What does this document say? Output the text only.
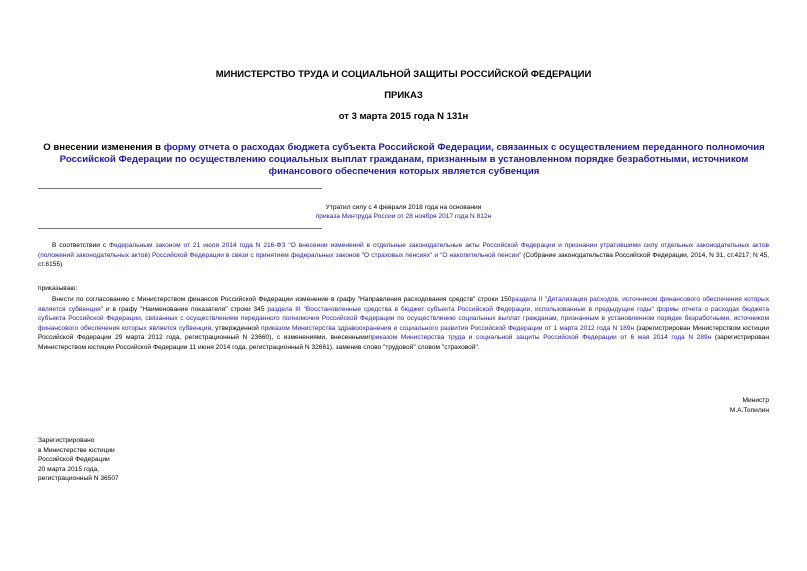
МИНИСТЕРСТВО ТРУДА И СОЦИАЛЬНОЙ ЗАЩИТЫ РОССИЙСКОЙ ФЕДЕРАЦИИ
ПРИКАЗ
от 3 марта 2015 года N 131н
О внесении изменения в форму отчета о расходах бюджета субъекта Российской Федерации, связанных с осуществлением переданного полномочия Российской Федерации по осуществлению социальных выплат гражданам, признанным в установленном порядке безработными, источником финансового обеспечения которых является субвенция
Утратил силу с 4 февраля 2018 года на основании
приказа Минтруда России от 28 ноября 2017 года N 812н
В соответствии с Федеральным законом от 21 июля 2014 года N 216-ФЗ "О внесении изменений в отдельные законодательные акты Российской Федерации и признании утратившими силу отдельных законодательных актов (положений законодательных актов) Российской Федерации в связи с принятием федеральных законов "О страховых пенсиях" и "О накопительной пенсии" (Собрание законодательства Российской Федерации, 2014, N 31, ст.4217; N 45, ст.6155)
приказываю:
Внести по согласованию с Министерством финансов Российской Федерации изменение в графу "Направления расходования средств" строки 150раздела II "Детализация расходов, источником финансового обеспечения которых является субвенция" и в графу "Наименование показателя" строки 345 раздела III "Восстановленные средства в бюджет субъекта Российской Федерации, использованные в предыдущие годы" формы отчета о расходах бюджета субъекта Российской Федерации, связанных с осуществлением переданного полномочия Российской Федерации по осуществлению социальных выплат гражданам, признанным в установленном порядке безработными, источником финансового обеспечения которых является субвенция, утвержденной приказом Министерства здравоохранения и социального развития Российской Федерации от 1 марта 2012 года N 189н (зарегистрирован Министерством юстиции Российской Федерации 29 марта 2012 года, регистрационный N 23660), с изменениями, внесеннымиприказом Министерства труда и социальной защиты Российской Федерации от 6 мая 2014 года N 289н (зарегистрирован Министерством юстиции Российской Федерации 11 июня 2014 года, регистрационный N 32661), заменив слово "трудовой" словом "страховой".
Министр
М.А.Топилин
Зарегистрировано
в Министерстве юстиции
Российской Федерации
20 марта 2015 года,
регистрационный N 36507
